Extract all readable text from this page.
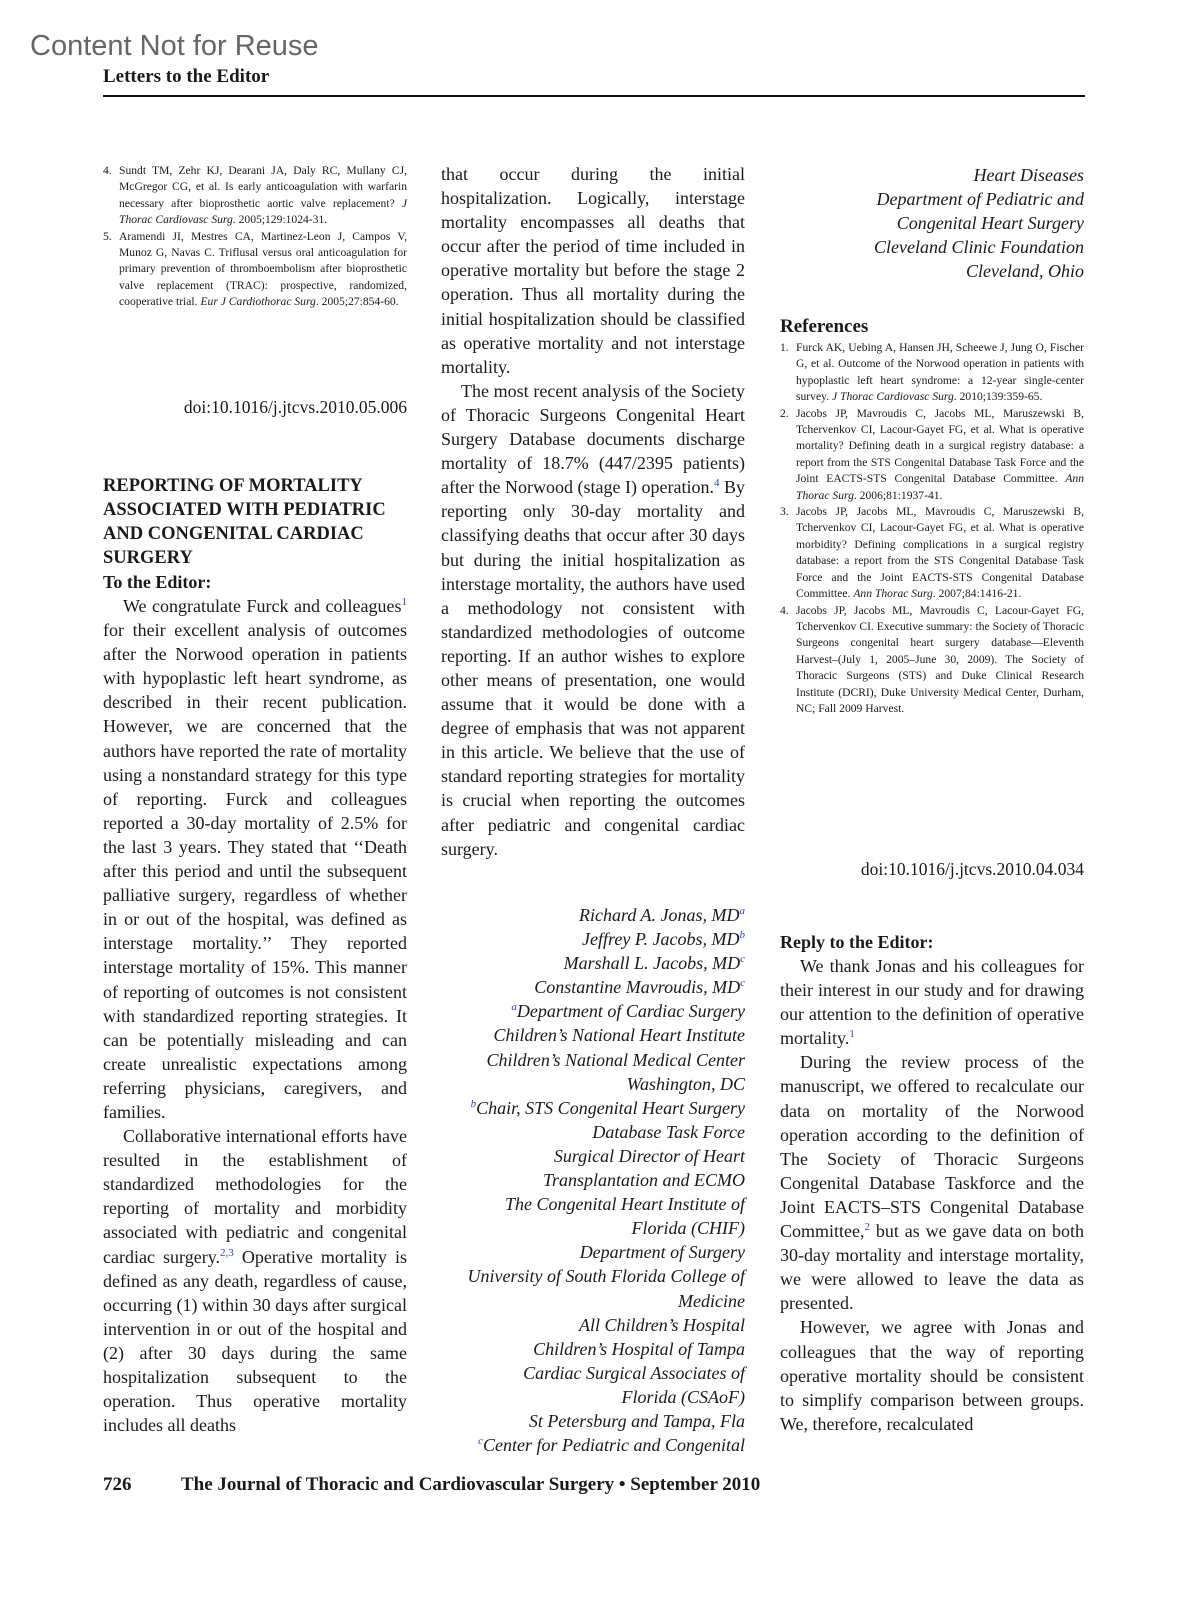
Content Not for Reuse
Letters to the Editor
4. Sundt TM, Zehr KJ, Dearani JA, Daly RC, Mullany CJ, McGregor CG, et al. Is early anticoagulation with warfarin necessary after bioprosthetic aortic valve replacement? J Thorac Cardiovasc Surg. 2005;129:1024-31.
5. Aramendi JI, Mestres CA, Martinez-Leon J, Campos V, Munoz G, Navas C. Triflusal versus oral anticoagulation for primary prevention of thromboembolism after bioprosthetic valve replacement (TRAC): prospective, randomized, cooperative trial. Eur J Cardiothorac Surg. 2005;27:854-60.
doi:10.1016/j.jtcvs.2010.05.006
REPORTING OF MORTALITY ASSOCIATED WITH PEDIATRIC AND CONGENITAL CARDIAC SURGERY
To the Editor:

We congratulate Furck and colleagues$^1$ for their excellent analysis of outcomes after the Norwood operation in patients with hypoplastic left heart syndrome, as described in their recent publication. However, we are concerned that the authors have reported the rate of mortality using a nonstandard strategy for this type of reporting. Furck and colleagues reported a 30-day mortality of 2.5% for the last 3 years. They stated that ‘‘Death after this period and until the subsequent palliative surgery, regardless of whether in or out of the hospital, was defined as interstage mortality.’’ They reported interstage mortality of 15%. This manner of reporting of outcomes is not consistent with standardized reporting strategies. It can be potentially misleading and can create unrealistic expectations among referring physicians, caregivers, and families.

Collaborative international efforts have resulted in the establishment of standardized methodologies for the reporting of mortality and morbidity associated with pediatric and congenital cardiac surgery.$^{2,3}$ Operative mortality is defined as any death, regardless of cause, occurring (1) within 30 days after surgical intervention in or out of the hospital and (2) after 30 days during the same hospitalization subsequent to the operation. Thus operative mortality includes all deaths

that occur during the initial hospitalization. Logically, interstage mortality encompasses all deaths that occur after the period of time included in operative mortality but before the stage 2 operation. Thus all mortality during the initial hospitalization should be classified as operative mortality and not interstage mortality.

The most recent analysis of the Society of Thoracic Surgeons Congenital Heart Surgery Database documents discharge mortality of 18.7% (447/2395 patients) after the Norwood (stage I) operation.$^4$ By reporting only 30-day mortality and classifying deaths that occur after 30 days but during the initial hospitalization as interstage mortality, the authors have used a methodology not consistent with standardized methodologies of outcome reporting. If an author wishes to explore other means of presentation, one would assume that it would be done with a degree of emphasis that was not apparent in this article. We believe that the use of standard reporting strategies for mortality is crucial when reporting the outcomes after pediatric and congenital cardiac surgery.

Richard A. Jonas, $MD^a$
Jeffrey P. Jacobs, $MD^b$
Marshall L. Jacobs, $MD^c$
Constantine Mavroudis, $MD^c$
$^a$Department of Cardiac Surgery
Children’s National Heart Institute
Children’s National Medical Center
Washington, DC
$^b$Chair, STS Congenital Heart Surgery
Database Task Force
Surgical Director of Heart
Transplantation and ECMO
The Congenital Heart Institute of
Florida (CHIF)
Department of Surgery
University of South Florida College of
Medicine
All Children’s Hospital
Children’s Hospital of Tampa
Cardiac Surgical Associates of
Florida (CSAoF)
St Petersburg and Tampa, Fla
$^c$Center for Pediatric and Congenital
Heart Diseases
Department of Pediatric and
Congenital Heart Surgery
Cleveland Clinic Foundation
Cleveland, Ohio
References
1. Furck AK, Uebing A, Hansen JH, Scheewe J, Jung O, Fischer G, et al. Outcome of the Norwood operation in patients with hypoplastic left heart syndrome: a 12-year single-center survey. J Thorac Cardiovasc Surg. 2010;139:359-65.
2. Jacobs JP, Mavroudis C, Jacobs ML, Maruszewski B, Tchervenkov CI, Lacour-Gayet FG, et al. What is operative mortality? Defining death in a surgical registry database: a report from the STS Congenital Database Task Force and the Joint EACTS-STS Congenital Database Committee. Ann Thorac Surg. 2006;81:1937-41.
3. Jacobs JP, Jacobs ML, Mavroudis C, Maruszewski B, Tchervenkov CI, Lacour-Gayet FG, et al. What is operative morbidity? Defining complications in a surgical registry database: a report from the STS Congenital Database Task Force and the Joint EACTS-STS Congenital Database Committee. Ann Thorac Surg. 2007;84:1416-21.
4. Jacobs JP, Jacobs ML, Mavroudis C, Lacour-Gayet FG, Tchervenkov CI. Executive summary: the Society of Thoracic Surgeons congenital heart surgery database—Eleventh Harvest–(July 1, 2005–June 30, 2009). The Society of Thoracic Surgeons (STS) and Duke Clinical Research Institute (DCRI), Duke University Medical Center, Durham, NC; Fall 2009 Harvest.
doi:10.1016/j.jtcvs.2010.04.034
Reply to the Editor:

We thank Jonas and his colleagues for their interest in our study and for drawing our attention to the definition of operative mortality.$^1$

During the review process of the manuscript, we offered to recalculate our data on mortality of the Norwood operation according to the definition of The Society of Thoracic Surgeons Congenital Database Taskforce and the Joint EACTS–STS Congenital Database Committee,$^2$ but as we gave data on both 30-day mortality and interstage mortality, we were allowed to leave the data as presented.

However, we agree with Jonas and colleagues that the way of reporting operative mortality should be consistent to simplify comparison between groups. We, therefore, recalculated

726	The Journal of Thoracic and Cardiovascular Surgery • September 2010
